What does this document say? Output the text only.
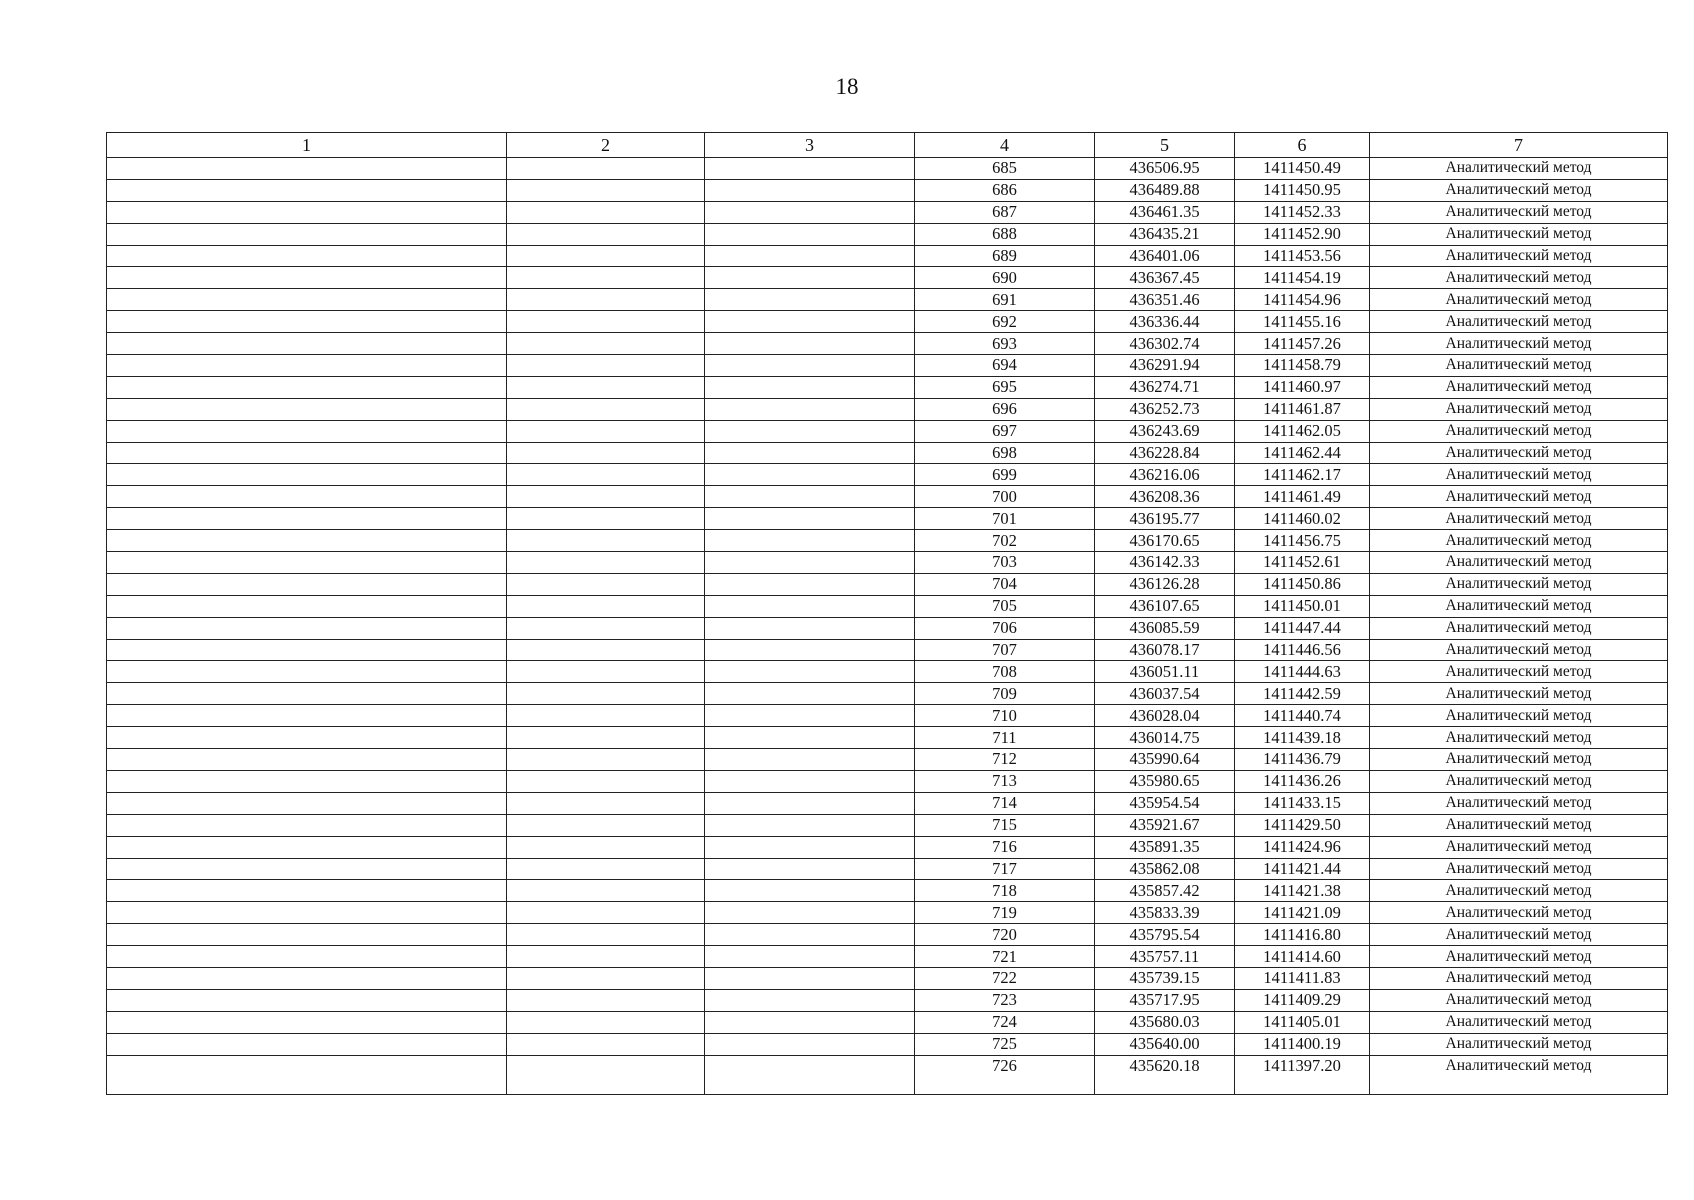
18
1	2	3	4	5	6	7
			685	436506.95	1411450.49	Аналитический метод
			686	436489.88	1411450.95	Аналитический метод
			687	436461.35	1411452.33	Аналитический метод
			688	436435.21	1411452.90	Аналитический метод
			689	436401.06	1411453.56	Аналитический метод
			690	436367.45	1411454.19	Аналитический метод
			691	436351.46	1411454.96	Аналитический метод
			692	436336.44	1411455.16	Аналитический метод
			693	436302.74	1411457.26	Аналитический метод
			694	436291.94	1411458.79	Аналитический метод
			695	436274.71	1411460.97	Аналитический метод
			696	436252.73	1411461.87	Аналитический метод
			697	436243.69	1411462.05	Аналитический метод
			698	436228.84	1411462.44	Аналитический метод
			699	436216.06	1411462.17	Аналитический метод
			700	436208.36	1411461.49	Аналитический метод
			701	436195.77	1411460.02	Аналитический метод
			702	436170.65	1411456.75	Аналитический метод
			703	436142.33	1411452.61	Аналитический метод
			704	436126.28	1411450.86	Аналитический метод
			705	436107.65	1411450.01	Аналитический метод
			706	436085.59	1411447.44	Аналитический метод
			707	436078.17	1411446.56	Аналитический метод
			708	436051.11	1411444.63	Аналитический метод
			709	436037.54	1411442.59	Аналитический метод
			710	436028.04	1411440.74	Аналитический метод
			711	436014.75	1411439.18	Аналитический метод
			712	435990.64	1411436.79	Аналитический метод
			713	435980.65	1411436.26	Аналитический метод
			714	435954.54	1411433.15	Аналитический метод
			715	435921.67	1411429.50	Аналитический метод
			716	435891.35	1411424.96	Аналитический метод
			717	435862.08	1411421.44	Аналитический метод
			718	435857.42	1411421.38	Аналитический метод
			719	435833.39	1411421.09	Аналитический метод
			720	435795.54	1411416.80	Аналитический метод
			721	435757.11	1411414.60	Аналитический метод
			722	435739.15	1411411.83	Аналитический метод
			723	435717.95	1411409.29	Аналитический метод
			724	435680.03	1411405.01	Аналитический метод
			725	435640.00	1411400.19	Аналитический метод
			726	435620.18	1411397.20	Аналитический метод
